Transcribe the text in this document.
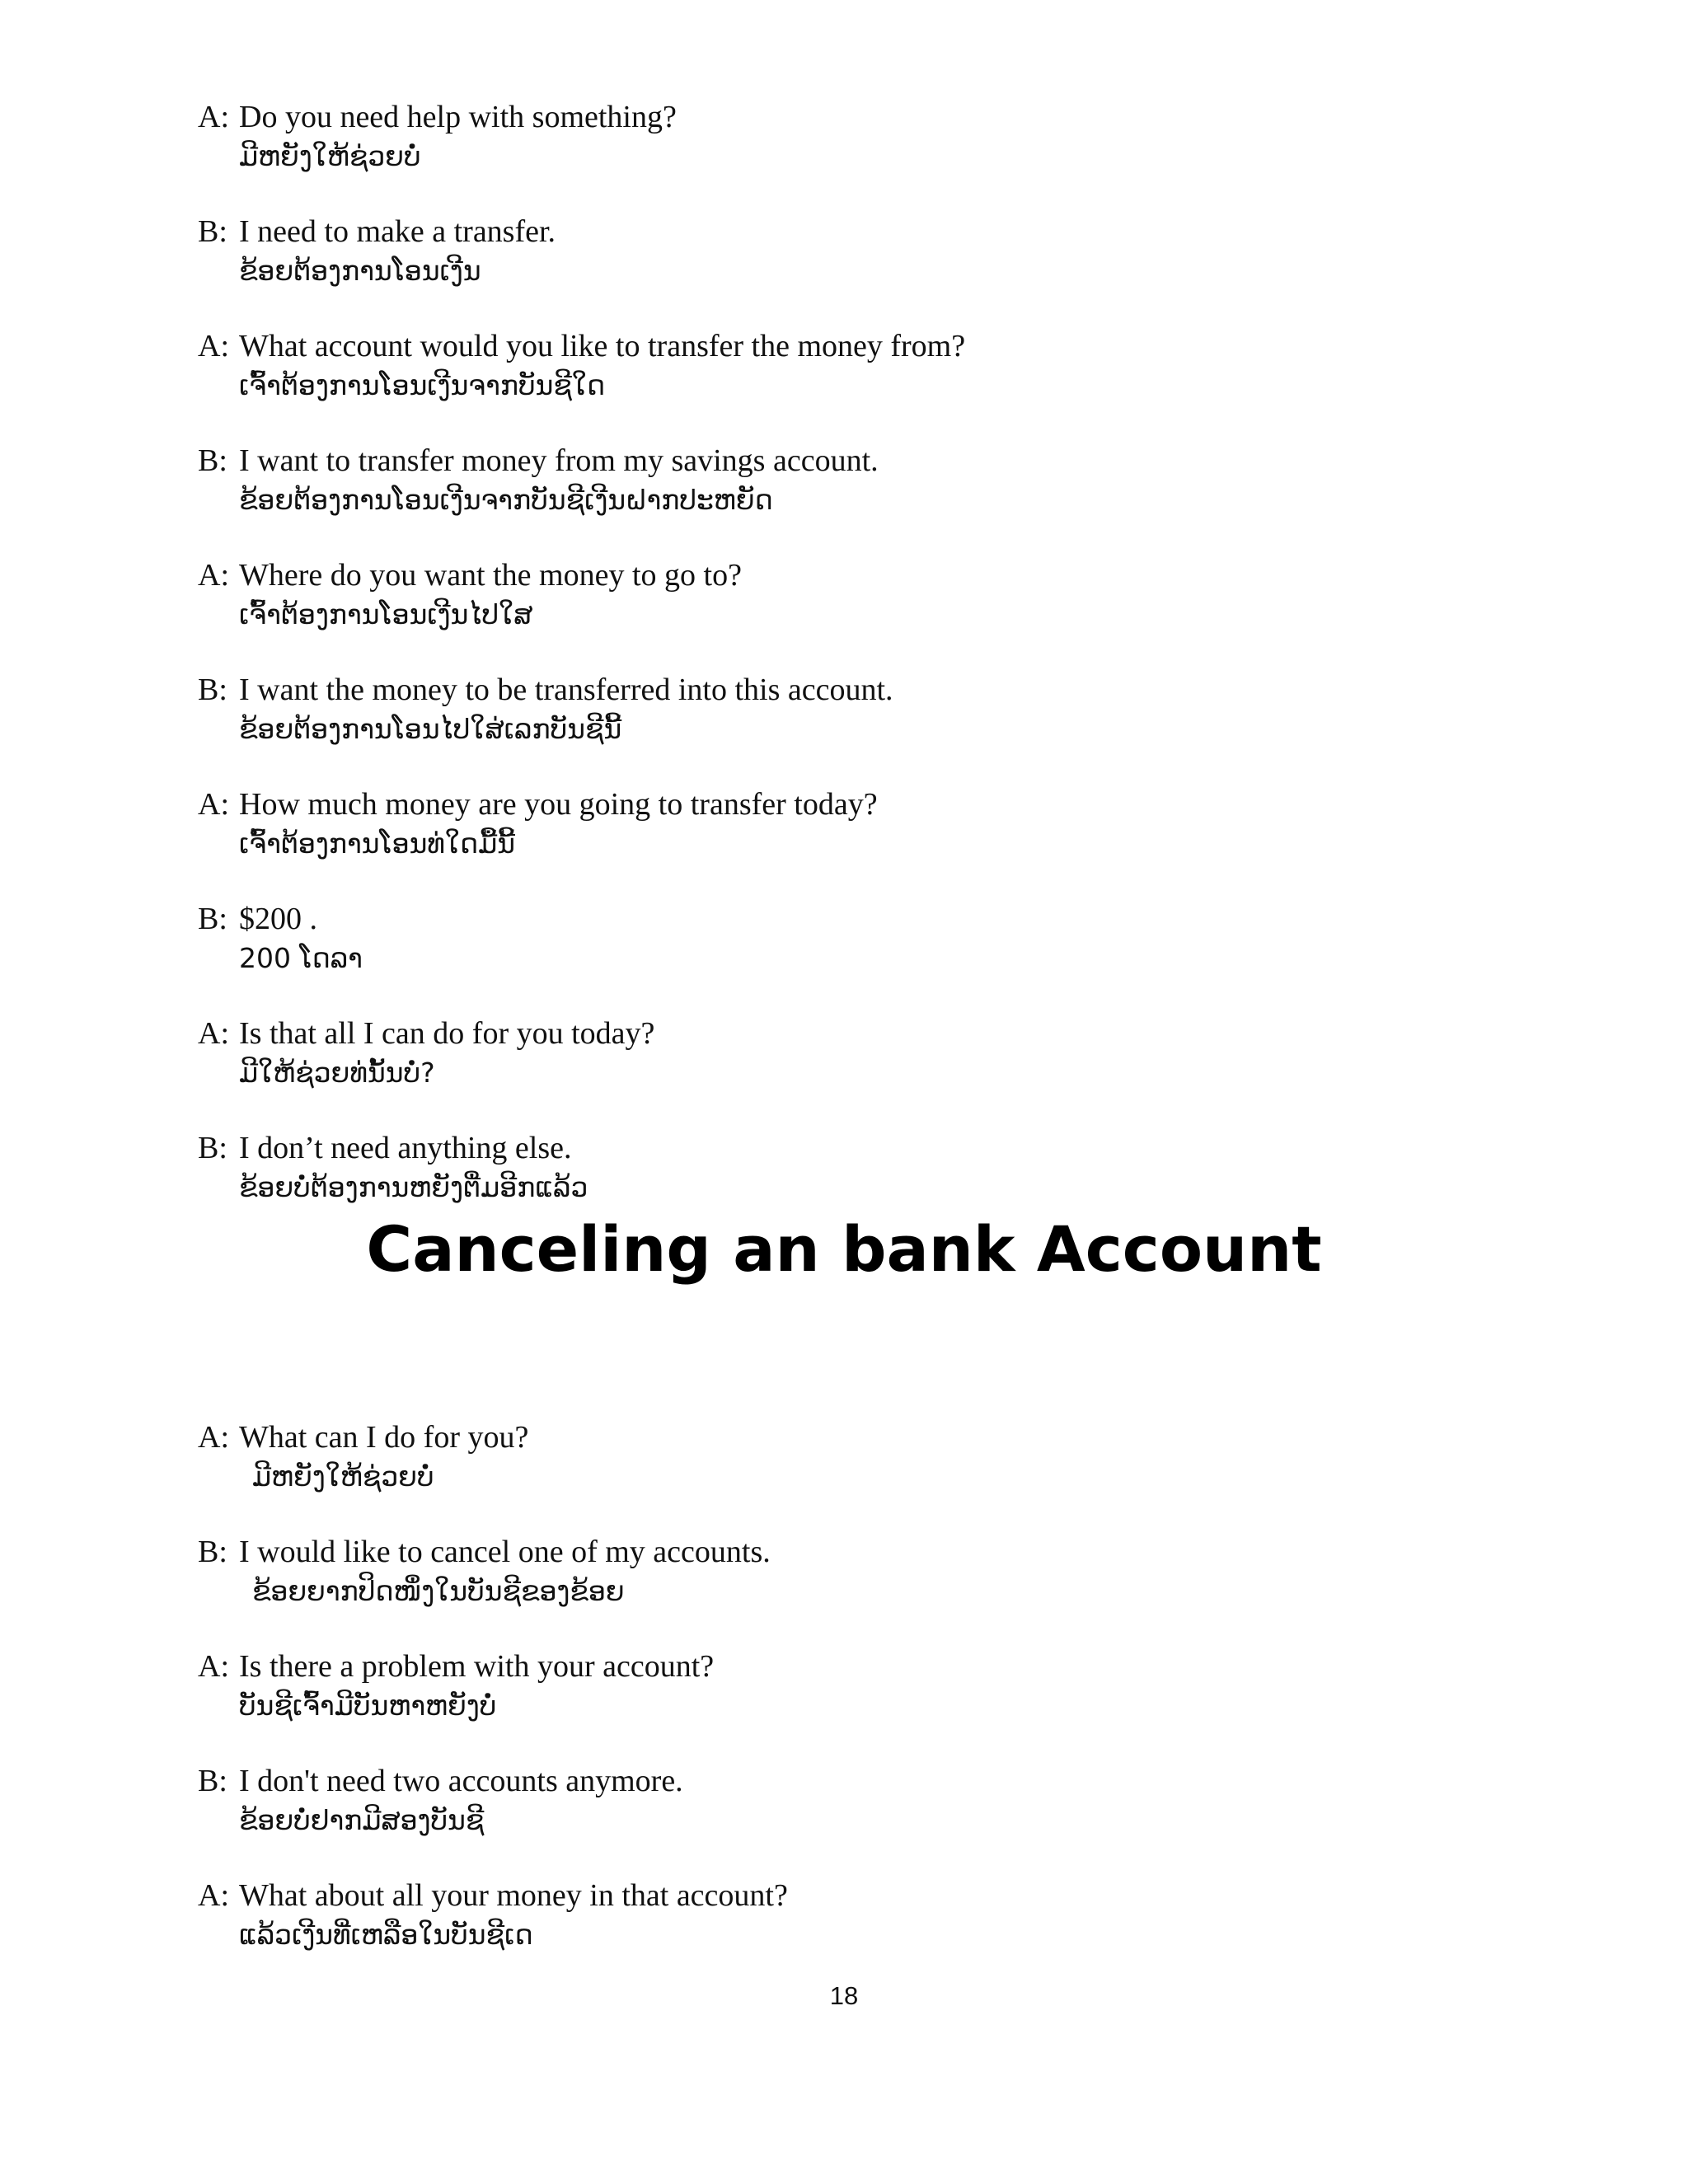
A: Do you need help with something?
ມີຫຍັງໃຫ້ຊ່ວຍບໍ່
B: I need to make a transfer.
ຂ້ອຍຕ້ອງການໂອນເງີນ
A: What account would you like to transfer the money from?
ເຈົ້າຕ້ອງການໂອນເງີນຈາກບັນຊີໃດ
B: I want to transfer money from my savings account.
ຂ້ອຍຕ້ອງການໂອນເງີນຈາກບັນຊີເງີນຝາກປະຫຍັດ
A: Where do you want the money to go to?
ເຈົ້າຕ້ອງການໂອນເງີນໄປໃສ
B: I want the money to be transferred into this account.
ຂ້ອຍຕ້ອງການໂອນໄປໃສ່ເລກບັນຊີນີ້
A: How much money are you going to transfer today?
ເຈົ້າຕ້ອງການໂອນທ່ໃດມື້ນີ້
B: $200 .
200 ໂດລາ
A: Is that all I can do for you today?
ມີໃຫ້ຊ່ວຍທ່ນັ້ນບໍ່?
B: I don’t need anything else.
ຂ້ອຍບໍ່ຕ້ອງການຫຍັງຕື່ມອີກແລ້ວ
Canceling an bank Account
A: What can I do for you?
ມີຫຍັງໃຫ້ຊ່ວຍບໍ່
B: I would like to cancel one of my accounts.
ຂ້ອຍຍາກປິດໜຶ່ງໃນບັນຊີຂອງຂ້ອຍ
A: Is there a problem with your account?
ບັນຊີເຈົ້າມີບັນຫາຫຍັງບໍ່
B: I don't need two accounts anymore.
ຂ້ອຍບໍ່ຢາກມີສອງບັນຊີ
A: What about all your money in that account?
ແລ້ວເງີນທີ່ເຫລືອໃນບັນຊີເດ
18
